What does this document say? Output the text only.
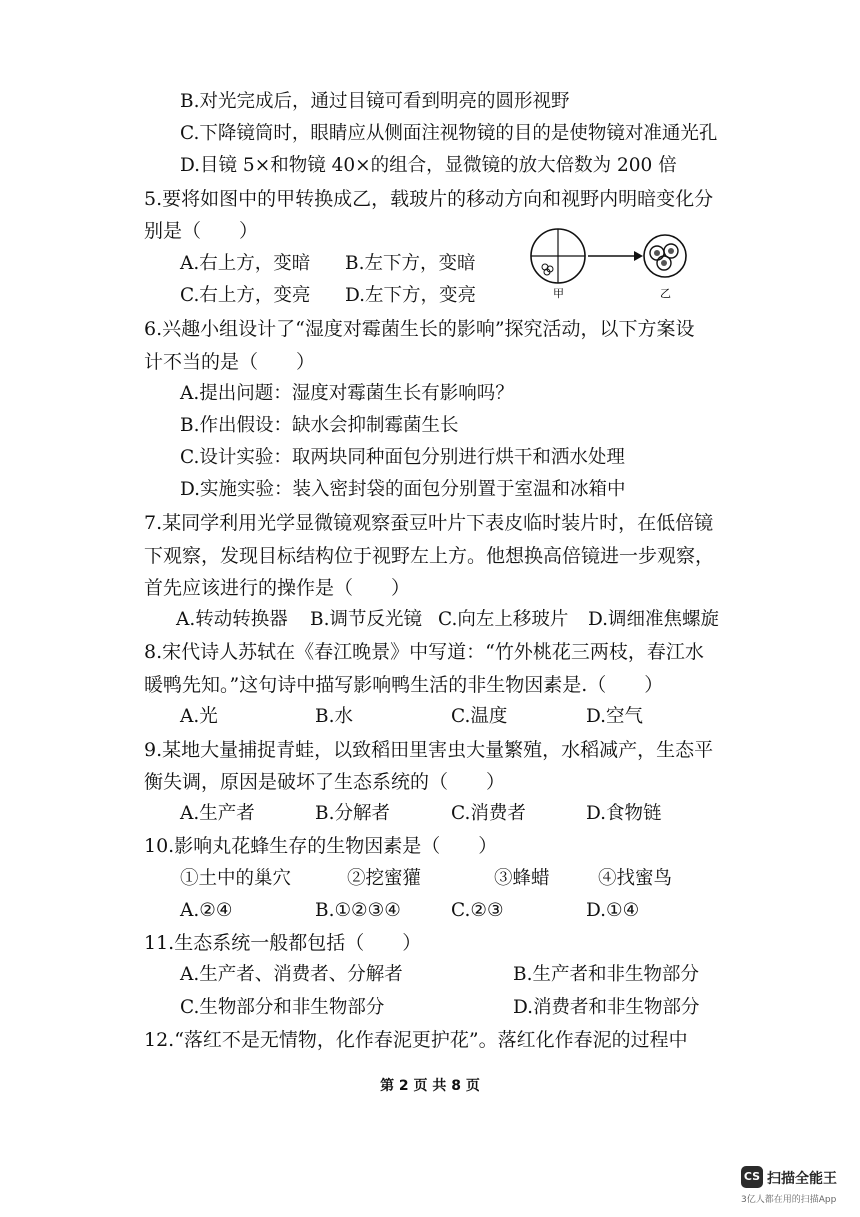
B.对光完成后，通过目镜可看到明亮的圆形视野
C.下降镜筒时，眼睛应从侧面注视物镜的目的是使物镜对准通光孔
D.目镜 5×和物镜 40×的组合，显微镜的放大倍数为 200 倍
5.要将如图中的甲转换成乙，载玻片的移动方向和视野内明暗变化分
别是（　　）
A.右上方，变暗 B.左下方，变暗
C.右上方，变亮 D.左下方，变亮	甲	乙
6.兴趣小组设计了“湿度对霉菌生长的影响”探究活动，以下方案设
计不当的是（　　）
A.提出问题：湿度对霉菌生长有影响吗？
B.作出假设：缺水会抑制霉菌生长
C.设计实验：取两块同种面包分别进行烘干和洒水处理
D.实施实验：装入密封袋的面包分别置于室温和冰箱中
7.某同学利用光学显微镜观察蚕豆叶片下表皮临时装片时，在低倍镜
下观察，发现目标结构位于视野左上方。他想换高倍镜进一步观察，
首先应该进行的操作是（　　）
A.转动转换器 B.调节反光镜 C.向左上移玻片 D.调细准焦螺旋
8.宋代诗人苏轼在《春江晚景》中写道：“竹外桃花三两枝，春江水
暖鸭先知。”这句诗中描写影响鸭生活的非生物因素是.（　　）
A.光	B.水	C.温度	D.空气
9.某地大量捕捉青蛙，以致稻田里害虫大量繁殖，水稻减产，生态平
衡失调，原因是破坏了生态系统的（　　）
A.生产者	B.分解者	C.消费者	D.食物链
10.影响丸花蜂生存的生物因素是（　　）
①土中的巢穴	②挖蜜獾	③蜂蜡	④找蜜鸟
A.②④	B.①②③④	C.②③	D.①④
11.生态系统一般都包括（　　）
A.生产者、消费者、分解者	B.生产者和非生物部分
C.生物部分和非生物部分	D.消费者和非生物部分
12.“落红不是无情物，化作春泥更护花”。落红化作春泥的过程中
第 2 页 共 8 页
CS 扫描全能王
3亿人都在用的扫描App
